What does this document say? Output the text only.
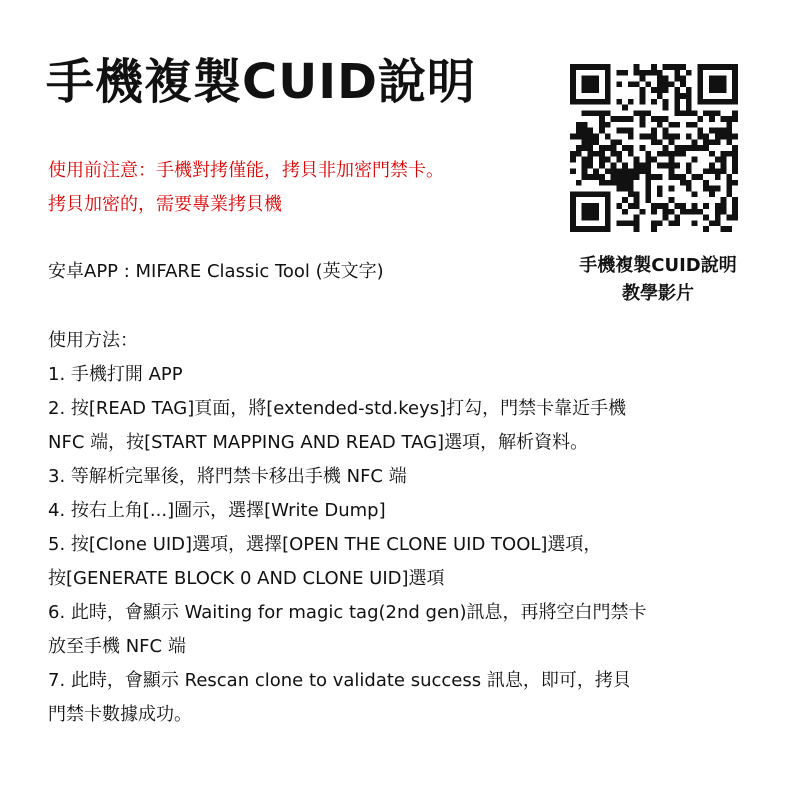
手機複製CUID說明
使用前注意：手機對拷僅能，拷貝非加密門禁卡。
拷貝加密的，需要專業拷貝機
安卓APP : MIFARE Classic Tool (英文字)
使用方法：
1. 手機打開 APP
2. 按[READ TAG]頁面，將[extended-std.keys]打勾，門禁卡靠近手機
NFC 端，按[START MAPPING AND READ TAG]選項，解析資料。
3. 等解析完畢後，將門禁卡移出手機 NFC 端
4. 按右上角[...]圖示，選擇[Write Dump]
5. 按[Clone UID]選項，選擇[OPEN THE CLONE UID TOOL]選項，
按[GENERATE BLOCK 0 AND CLONE UID]選項
6. 此時，會顯示 Waiting for magic tag(2nd gen)訊息，再將空白門禁卡
放至手機 NFC 端
7. 此時，會顯示 Rescan clone to validate success 訊息，即可，拷貝
門禁卡數據成功。
手機複製CUID說明
教學影片
